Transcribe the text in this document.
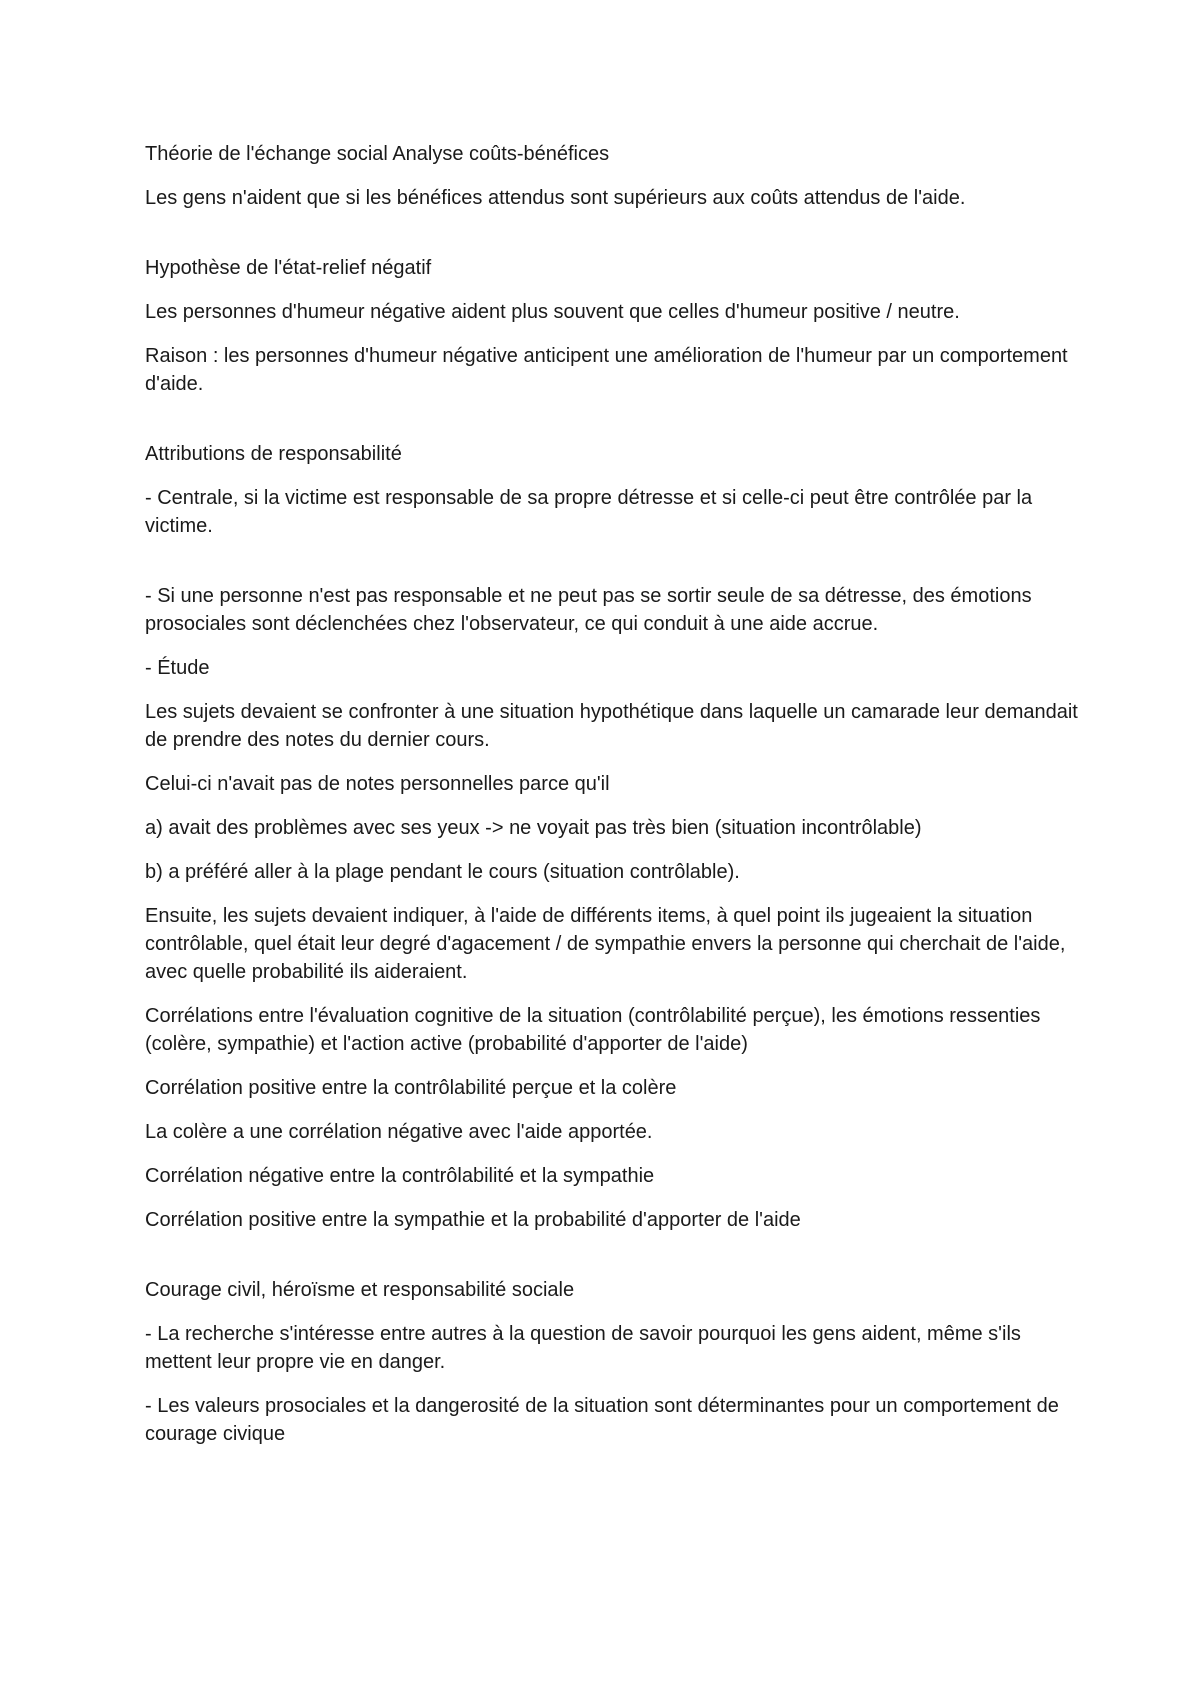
Théorie de l'échange social Analyse coûts-bénéfices

Les gens n'aident que si les bénéfices attendus sont supérieurs aux coûts attendus de l'aide.

Hypothèse de l'état-relief négatif

Les personnes d'humeur négative aident plus souvent que celles d'humeur positive / neutre.

Raison : les personnes d'humeur négative anticipent une amélioration de l'humeur par un comportement d'aide.

Attributions de responsabilité

- Centrale, si la victime est responsable de sa propre détresse et si celle-ci peut être contrôlée par la victime.

- Si une personne n'est pas responsable et ne peut pas se sortir seule de sa détresse, des émotions prosociales sont déclenchées chez l'observateur, ce qui conduit à une aide accrue.

- Étude

Les sujets devaient se confronter à une situation hypothétique dans laquelle un camarade leur demandait de prendre des notes du dernier cours.

Celui-ci n'avait pas de notes personnelles parce qu'il

a) avait des problèmes avec ses yeux -> ne voyait pas très bien (situation incontrôlable)

b) a préféré aller à la plage pendant le cours (situation contrôlable).

Ensuite, les sujets devaient indiquer, à l'aide de différents items, à quel point ils jugeaient la situation contrôlable, quel était leur degré d'agacement / de sympathie envers la personne qui cherchait de l'aide, avec quelle probabilité ils aideraient.

Corrélations entre l'évaluation cognitive de la situation (contrôlabilité perçue), les émotions ressenties (colère, sympathie) et l'action active (probabilité d'apporter de l'aide)

Corrélation positive entre la contrôlabilité perçue et la colère

La colère a une corrélation négative avec l'aide apportée.

Corrélation négative entre la contrôlabilité et la sympathie

Corrélation positive entre la sympathie et la probabilité d'apporter de l'aide

Courage civil, héroïsme et responsabilité sociale

- La recherche s'intéresse entre autres à la question de savoir pourquoi les gens aident, même s'ils mettent leur propre vie en danger.

- Les valeurs prosociales et la dangerosité de la situation sont déterminantes pour un comportement de courage civique
